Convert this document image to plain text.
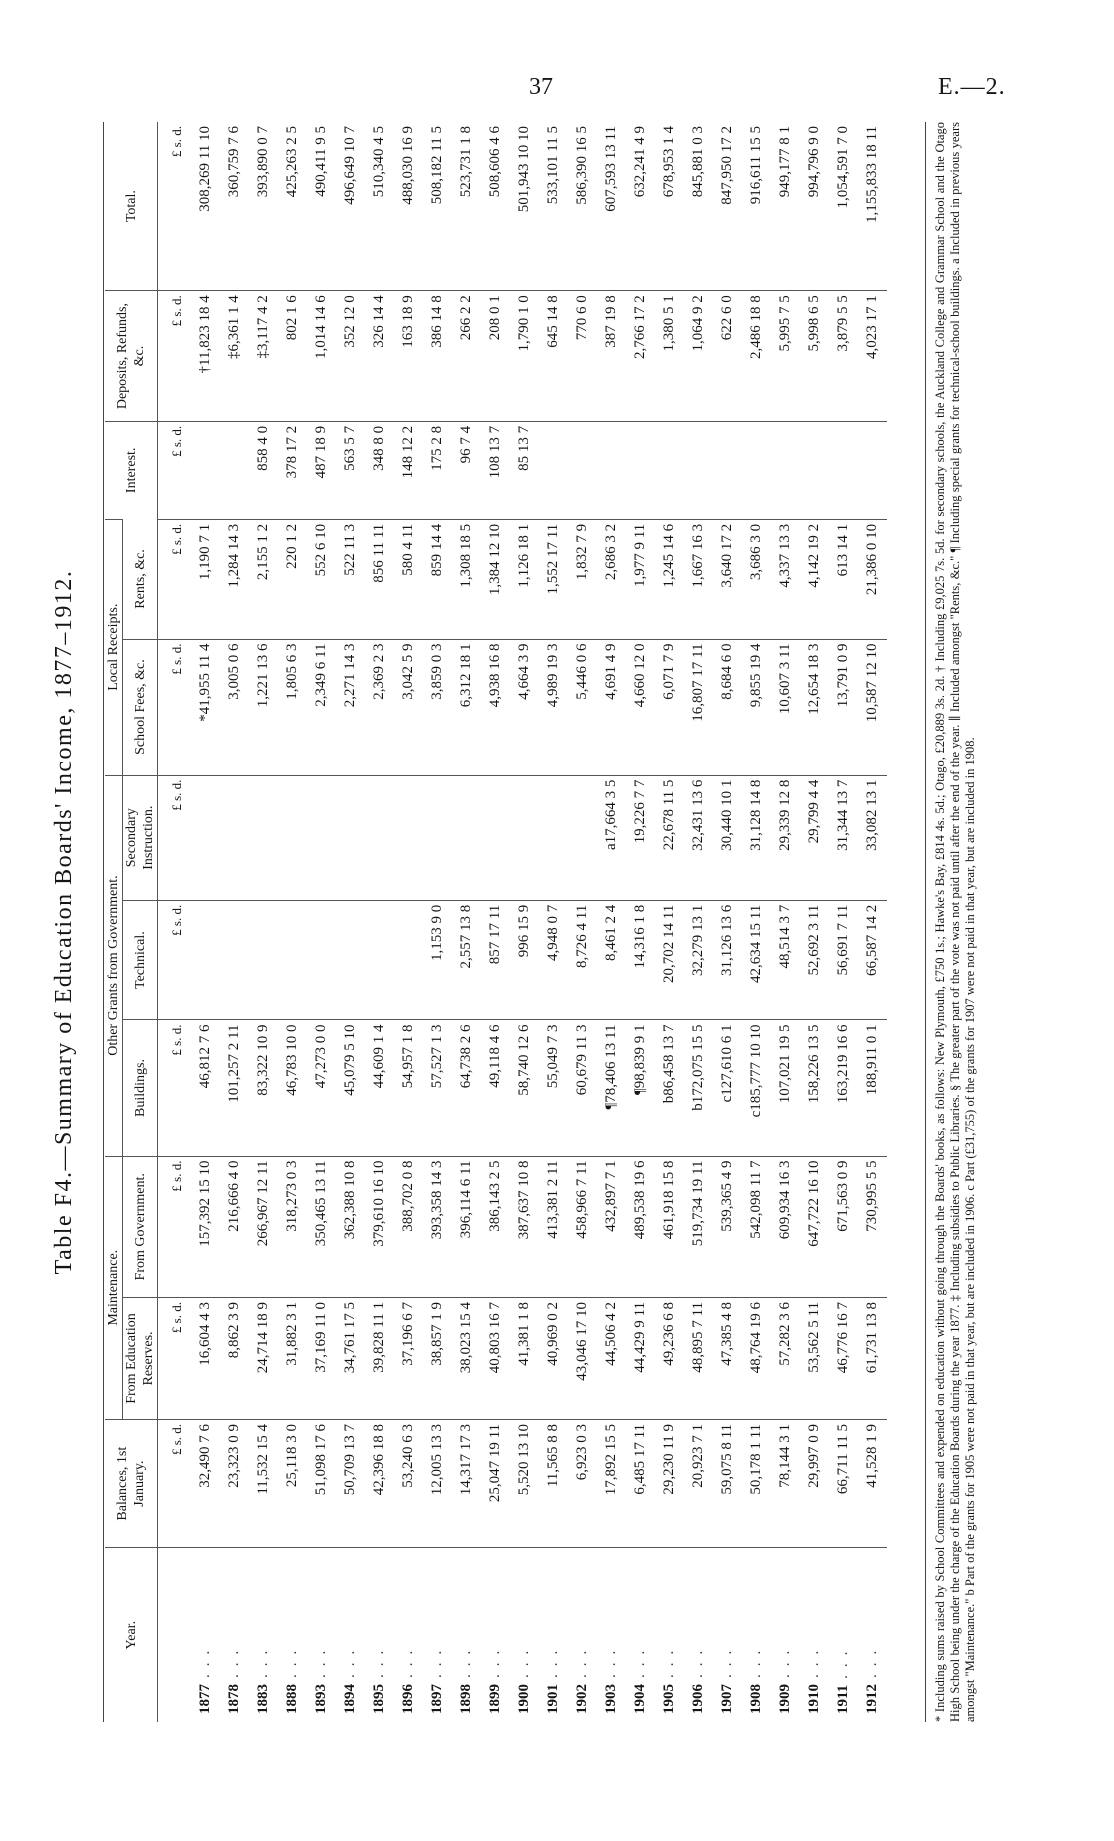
37	E.—2.
Table F4.—Summary of Education Boards' Income, 1877–1912.
Year.	Balances, 1st January.	Maintenance.		Other Grants from Government.			Local Receipts.		Interest.	Deposits, Refunds, &c.	Total.
		From Education Reserves.	From Government.	Buildings.	Technical.	Secondary Instruction.	School Fees, &c.	Rents, &c.			

	£ s. d.	£ s. d.	£ s. d.	£ s. d.	£ s. d.	£ s. d.	£ s. d.	£ s. d.	£ s. d.	£ s. d.	£ s. d.
1877...	32,490 7 6	16,604 4 3	157,392 15 10	46,812 7 6			*41,955 11 4	1,190 7 1		†11,823 18 4	308,269 11 10
1878...	23,323 0 9	8,862 3 9	216,666 4 0	101,257 2 11			3,005 0 6	1,284 14 3		‡6,361 1 4	360,759 7 6
1883...	11,532 15 4	24,714 18 9	266,967 12 11	83,322 10 9			1,221 13 6	2,155 1 2	858 4 0	‡3,117 4 2	393,890 0 7
1888...	25,118 3 0	31,882 3 1	318,273 0 3	46,783 10 0			1,805 6 3	220 1 2	378 17 2	802 1 6	425,263 2 5
1893...	51,098 17 6	37,169 11 0	350,465 13 11	47,273 0 0			2,349 6 11	552 6 10	487 18 9	1,014 14 6	490,411 9 5
1894...	50,709 13 7	34,761 17 5	362,388 10 8	45,079 5 10			2,271 14 3	522 11 3	563 5 7	352 12 0	496,649 10 7
1895...	42,396 18 8	39,828 11 1	379,610 16 10	44,609 1 4			2,369 2 3	856 11 11	348 8 0	326 14 4	510,340 4 5
1896...	53,240 6 3	37,196 6 7	388,702 0 8	54,957 1 8			3,042 5 9	580 4 11	148 12 2	163 18 9	488,030 16 9
1897...	12,005 13 3	38,857 1 9	393,358 14 3	57,527 1 3	1,153 9 0		3,859 0 3	859 14 4	175 2 8	386 14 8	508,182 11 5
1898...	14,317 17 3	38,023 15 4	396,114 6 11	64,738 2 6	2,557 13 8		6,312 18 1	1,308 18 5	96 7 4	266 2 2	523,731 1 8
1899...	25,047 19 11	40,803 16 7	386,143 2 5	49,118 4 6	857 17 11		4,938 16 8	1,384 12 10	108 13 7	208 0 1	508,606 4 6
1900...	5,520 13 10	41,381 1 8	387,637 10 8	58,740 12 6	996 15 9		4,664 3 9	1,126 18 1	85 13 7	1,790 1 0	501,943 10 10
1901...	11,565 8 8	40,969 0 2	413,381 2 11	55,049 7 3	4,948 0 7		4,989 19 3	1,552 17 11		645 14 8	533,101 11 5
1902...	6,923 0 3	43,046 17 10	458,966 7 11	60,679 11 3	8,726 4 11		5,446 0 6	1,832 7 9		770 6 0	586,390 16 5
1903...	17,892 15 5	44,506 4 2	432,897 7 1	¶78,406 13 11	8,461 2 4	a17,664 3 5	4,691 4 9	2,686 3 2		387 19 8	607,593 13 11
1904...	6,485 17 11	44,429 9 11	489,538 19 6	¶98,839 9 1	14,316 1 8	19,226 7 7	4,660 12 0	1,977 9 11		2,766 17 2	632,241 4 9
1905...	29,230 11 9	49,236 6 8	461,918 15 8	b86,458 13 7	20,702 14 11	22,678 11 5	6,071 7 9	1,245 14 6		1,380 5 1	678,953 1 4
1906...	20,923 7 1	48,895 7 11	519,734 19 11	b172,075 15 5	32,279 13 1	32,431 13 6	16,807 17 11	1,667 16 3		1,064 9 2	845,881 0 3
1907...	59,075 8 11	47,385 4 8	539,365 4 9	c127,610 6 1	31,126 13 6	30,440 10 1	8,684 6 0	3,640 17 2		622 6 0	847,950 17 2
1908...	50,178 1 11	48,764 19 6	542,098 11 7	c185,777 10 10	42,634 15 11	31,128 14 8	9,855 19 4	3,686 3 0		2,486 18 8	916,611 15 5
1909...	78,144 3 1	57,282 3 6	609,934 16 3	107,021 19 5	48,514 3 7	29,339 12 8	10,607 3 11	4,337 13 3		5,995 7 5	949,177 8 1
1910...	29,997 0 9	53,562 5 11	647,722 16 10	158,226 13 5	52,692 3 11	29,799 4 4	12,654 18 3	4,142 19 2		5,998 6 5	994,796 9 0
1911...	66,711 11 5	46,776 16 7	671,563 0 9	163,219 16 6	56,691 7 11	31,344 13 7	13,791 0 9	613 14 1		3,879 5 5	1,054,591 7 0
1912...	41,528 1 9	61,731 13 8	730,995 5 5	188,911 0 1	66,587 14 2	33,082 13 1	10,587 12 10	21,386 0 10		4,023 17 1	1,155,833 18 11	* Including sums raised by School Committees and expended on education without going through the Boards' books, as follows: New Plymouth, £750 1s.; Hawke's Bay, £814 4s. 5d.; Otago, £20,889 3s. 2d. † Including £9,025 7s. 5d. for secondary schools, the Auckland College and Grammar School and the Otago High School being under the charge of the Education Boards during the year 1877. ‡ Including subsidies to Public Libraries. § The greater part of the vote was not paid until after the end of the year. ∥ Included amongst "Rents, &c." ¶ Including special grants for technical-school buildings. a Included in previous years amongst "Maintenance." b Part of the grants for 1905 were not paid in that year, but are included in 1906. c Part (£31,755) of the grants for 1907 were not paid in that year, but are included in 1908.
